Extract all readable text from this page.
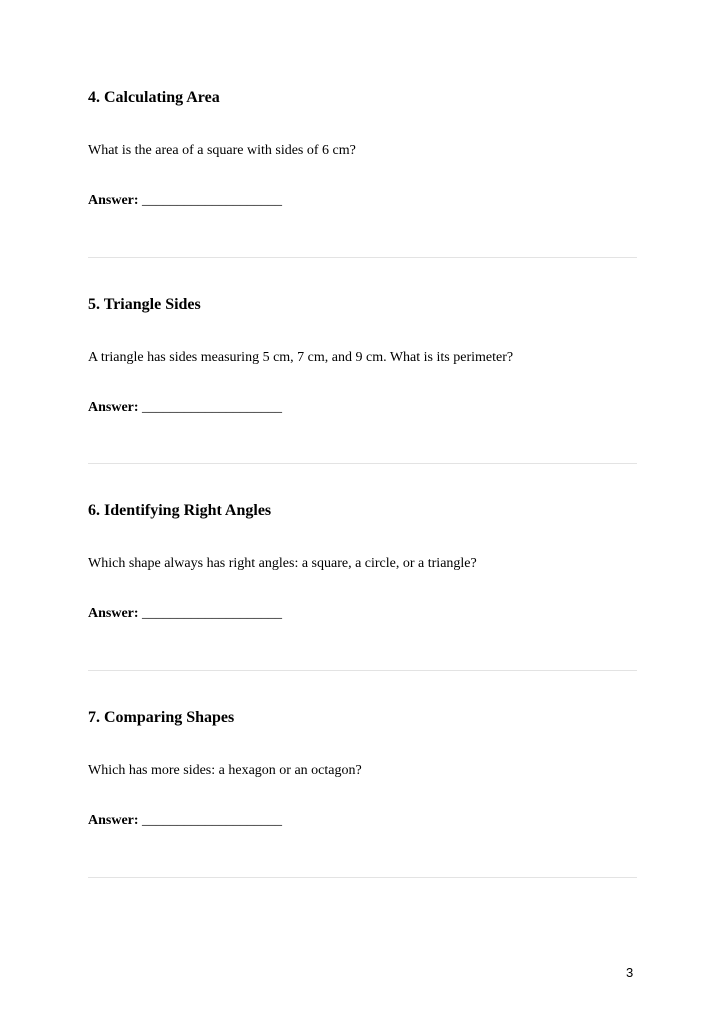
4. Calculating Area

What is the area of a square with sides of 6 cm?

Answer: ____________________

5. Triangle Sides

A triangle has sides measuring 5 cm, 7 cm, and 9 cm. What is its perimeter?

Answer: ____________________

6. Identifying Right Angles

Which shape always has right angles: a square, a circle, or a triangle?

Answer: ____________________

7. Comparing Shapes

Which has more sides: a hexagon or an octagon?

Answer: ____________________

3
